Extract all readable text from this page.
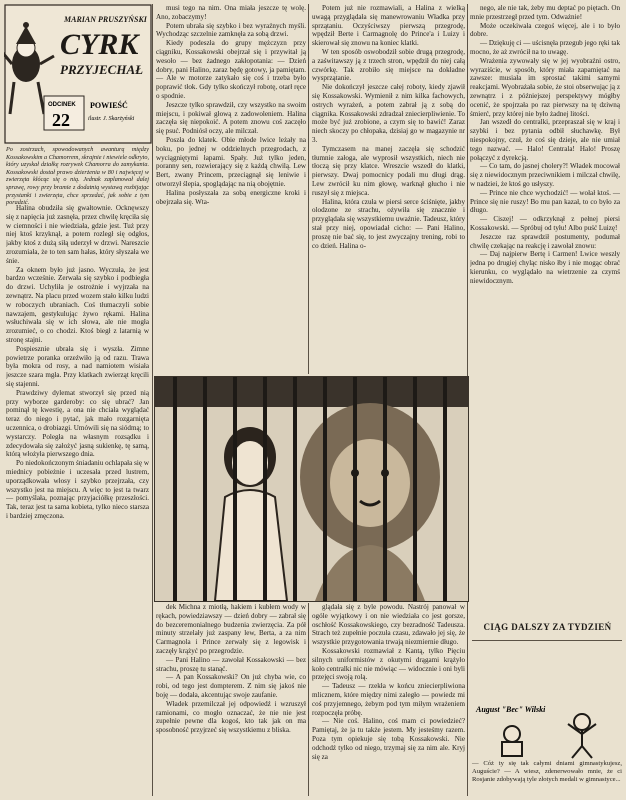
MARIAN PRUSZYŃSKI
CYRK
PRZYJECHAŁ
ODCINEK
22
POWIEŚĆ
ilustr. J. Skarżyński
Po zostrzach, spowodowanych awanturą między Kossakowskim a Chamorrem, skrajnie i niewiele odkryto, który uzyskał działkę rozrywek Chamorra do zamykania. Kossakowski dostał prawo dzierżenia w 80 i najwięcej w zwierzęta kłócąc się o nią. Jednak zaplanował dalej sprawę, rowy przy bramie z dodatnią wystawą rozbijając przystanki i zwierzęta, chce sprzedać, jak sobie z tym poradzić.

Halina obudziła się gwałtownie. Ocknęwszy się z napięcia już zasnęła, przez chwilę kręciła się w ciemności i nie wiedziała, gdzie jest. Tuż przy niej ktoś krzyknął, a potem rozległ się odgłos, jakby ktoś z dużą siłą uderzył w drzwi. Nareszcie zrozumiała, że to ten sam hałas, który słyszała we śnie.

Za oknem było już jasno. Wyczuła, że jest bardzo wcześnie. Zerwała się szybko i podbiegła do drzwi. Uchyliła je ostrożnie i wyjrzała na zewnątrz. Na placu przed wozem stało kilku ludzi w roboczych ubraniach. Coś tłumaczyli sobie nawzajem, gestykulując żywo rękami. Halina wsłuchiwała się w ich słowa, ale nie mogła zrozumieć, o co chodzi. Ktoś biegł z latarnią w stronę stajni.

Pospiesznie ubrała się i wyszła. Zimne powietrze poranka orzeźwiło ją od razu. Trawa była mokra od rosy, a nad namiotem wisiała jeszcze szara mgła. Przy klatkach zwierząt kręcili się stajenni.

Prawdziwy dylemat stworzył się przed nią przy wyborze garderoby: co się ubrać? Jan pominął tę kwestię, a ona nie chciała wyglądać teraz do niego i pytać, jak mało rozgarnięta uczennica, o drobiazgi. Umówili się na siódmą; to wystarczy. Poległa na własnym rozsądku i zdecydowała się założyć jasną sukienkę, tę samą, którą włożyła pierwszego dnia.

Po niedokończonym śniadaniu ochlapała się w miednicy pobieżnie i uczesała przed lustrem, uporządkowała włosy i szybko przejrzała, czy wszystko jest na miejscu. A więc to jest ta twarz — pomyślała, poznając przyjaciółkę przeszłości. Tak, teraz jest ta sama kobieta, tylko nieco starsza i bardziej zmęczona.

musi tego na nim. Ona miała jeszcze tę wolę. Ano, zobaczymy!

Potem ubrała się szybko i bez wyraźnych myśli. Wychodząc szczelnie zamknęła za sobą drzwi.

Kiedy podeszła do grupy mężczyzn przy ciągniku, Kossakowski obejrzał się i przywitał ją wesoło — bez żadnego zakłopotania: — Dzień dobry, pani Halino, zaraz będę gotowy, ja pamiętam. — Ale w motorze zatykało się coś i trzeba było poprawić tłok. Gdy tylko skończył robotę, otarł ręce o spodnie.

Jeszcze tylko sprawdził, czy wszystko na swoim miejscu, i pokiwał głową z zadowoleniem. Halina zaczęła się niepokoić. A potem znowu coś zaczęło się psuć. Podniósł oczy, ale milczał.

Poszła do klatek. Obie młode lwice leżały na boku, po jednej w oddzielnych przegrodach, z wyciągniętymi łapami. Spały. Już tylko jeden, poranny sen, rozwierający się z każdą chwilą. Lew Bert, zwany Princem, przeciągnął się leniwie i otworzył ślepia, spoglądając na nią obojętnie.

Halina posłyszała za sobą energiczne kroki i obejrzała się. Wta-

Potem już nie rozmawiali, a Halina z wielką uwagą przyglądała się manewrowaniu Władka przy sprzątaniu. Oczyściwszy pierwszą przegrodę, wpędził Berte i Carmagnolę do Prince'a i Luizy i skierował się znowu na koniec klatki.

W ten sposób oswobodził sobie drugą przegrodę, a zaświtawszy ją z trzech stron, wpędził do niej całą czwórkę. Tak zrobiło się miejsce na dokładne wysprzątanie.

Nie dokończył jeszcze całej roboty, kiedy zjawił się Kossakowski. Wymienił z nim kilka fachowych, ostrych wyrażeń, a potem zabrał ją z sobą do ciągnika. Kossakowski zdradzał zniecierpliwienie. To może być już zrobione, a czym się to bawić! Zaraz niech skoczy po chłopaka, dzisiaj go w magazynie nr 3.

Tymczasem na manej zaczęła się schodzić tłumnie załoga, ale wyprosił wszystkich, niech nie tłoczą się przy klatce. Wreszcie wszedł do klatki, pierwszy. Dwaj pomocnicy podali mu długi drąg. Lew zwrócił ku nim głowę, warknął głucho i nie ruszył się z miejsca.

Halina, która czuła w piersi serce ściśnięte, jakby olodzone ze strachu, ożywiła się znacznie i przyglądała się wszystkiemu uważnie. Tadeusz, który stał przy niej, opowiadał cicho: — Pani Halino, proszę nie bać się, to jest zwyczajny trening, robi to co dzień. Halina o-

dek Michna z miotłą, hakiem i kubłem wody w rękach, powiedziawszy — dzień dobry — zabrał się do bezceremonialnego budzenia zwierzęcia. Za pół minuty strzelały już zaspany lew, Berta, a za nim Carmagnola i Prince zerwały się z legowisk i zaczęły krążyć po przegrodzie.

— Pani Halino — zawołał Kossakowski — bez strachu, proszę tu stanąć.

— A pan Kossakowski? On już chyba wie, co robi, od tego jest dompterem. Z nim się jakoś nie boję — dodała, akcentując swoje zaufanie.

Władek przemilczał jej odpowiedź i wzruszył ramionami, co mogło oznaczać, że nie nie jest zupełnie pewne dla kogoś, kto tak jak on ma sposobność przyjrzeć się wszystkiemu z bliska.

glądała się z byle powodu. Nastrój panował w ogóle wyjątkowy i on nie wiedziała co jest gorsze, oschłość Kossakowskiego, czy bezradność Tadeusza. Strach też zupełnie poczuła czasu, zdawało jej się, że wszystkie przygotowania trwają niezmiernie długo.

Kossakowski rozmawiał z Kantą, tylko Pięciu silnych uniformistów z okutymi drągami krążyło koło centralki nic nie mówiąc — widocznie i oni byli przejęci swoją rolą.

— Tadeusz — rzekła w końcu zniecierpliwiona mlicznem, które między nimi zaległo — powiedz mi coś przyjemnego, żebym pod tym miłym wrażeniem rozpoczęła próbę.

— Nie coś. Halino, coś mam ci powiedzieć? Pamiętaj, że ja tu także jestem. My jesteśmy razem. Poza tym opiekuje się tobą Kossakowski. Nie odchodź tylko od niego, trzymaj się za nim ale. Kryj się za

nego, ale nie tak, żeby mu deptać po piętach. On mnie przestrzegł przed tym. Odważnie!

Może oczekiwała czegoś więcej, ale i to było dobre.

— Dziękuję ci — uścisnęła przegub jego ręki tak mocno, że aż zwrócił na to uwagę.

Wrażenia zywowały się w jej wyobraźni ostro, wyraziście, w sposób, który miała zapamiętać na zawsze: musiała im sprostać takimi samymi reakcjami. Wyobrażała sobie, że stoi obserwując ją z zewnątrz i z późniejszej perspektywy mógłby ocenić, że spojrzała po raz pierwszy na tę dziwną śmierć, przy której nie było żadnej litości.

Jan wszedł do centralki, przepraszał się w kraj i szybki i bez pytania odbił słuchawkę. Był niespokojny, czuł, że coś się dzieje, ale nie umiał tego nazwać. — Halo! Centrala! Halo! Proszę połączyć z dyrekcją.

— Co tam, do jasnej cholery?! Władek mocował się z niewidocznym przeciwnikiem i milczał chwilę, w nadziei, że ktoś go usłyszy.

— Prince nie chce wychodzić! — wołał ktoś. — Prince się nie ruszy! Bo mu pan kazał, to co było za długo.

— Ciszej! — odkrzyknął z pełnej piersi Kossakowski. — Spróbuj od tyłu! Albo puść Luizę!

Jeszcze raz sprawdził postumenty, podumał chwilę czekając na reakcję i zawołał znowu:

— Daj najpierw Bertę i Carmen! Lwice weszły jedna po drugiej chyląc nisko łby i nie mogąc obrać kierunku, co wyglądało na wietrzenie za czymś niewidocznym.

CIĄG DALSZY ZA TYDZIEŃ
August "Bec" Wilski
— Cóż ty się tak całymi dniami gimnastykujesz, Auguście? — A wiesz, zdenerwowało mnie, że ci Rosjanie zdobywają tyle złotych medali w gimnastyce...
